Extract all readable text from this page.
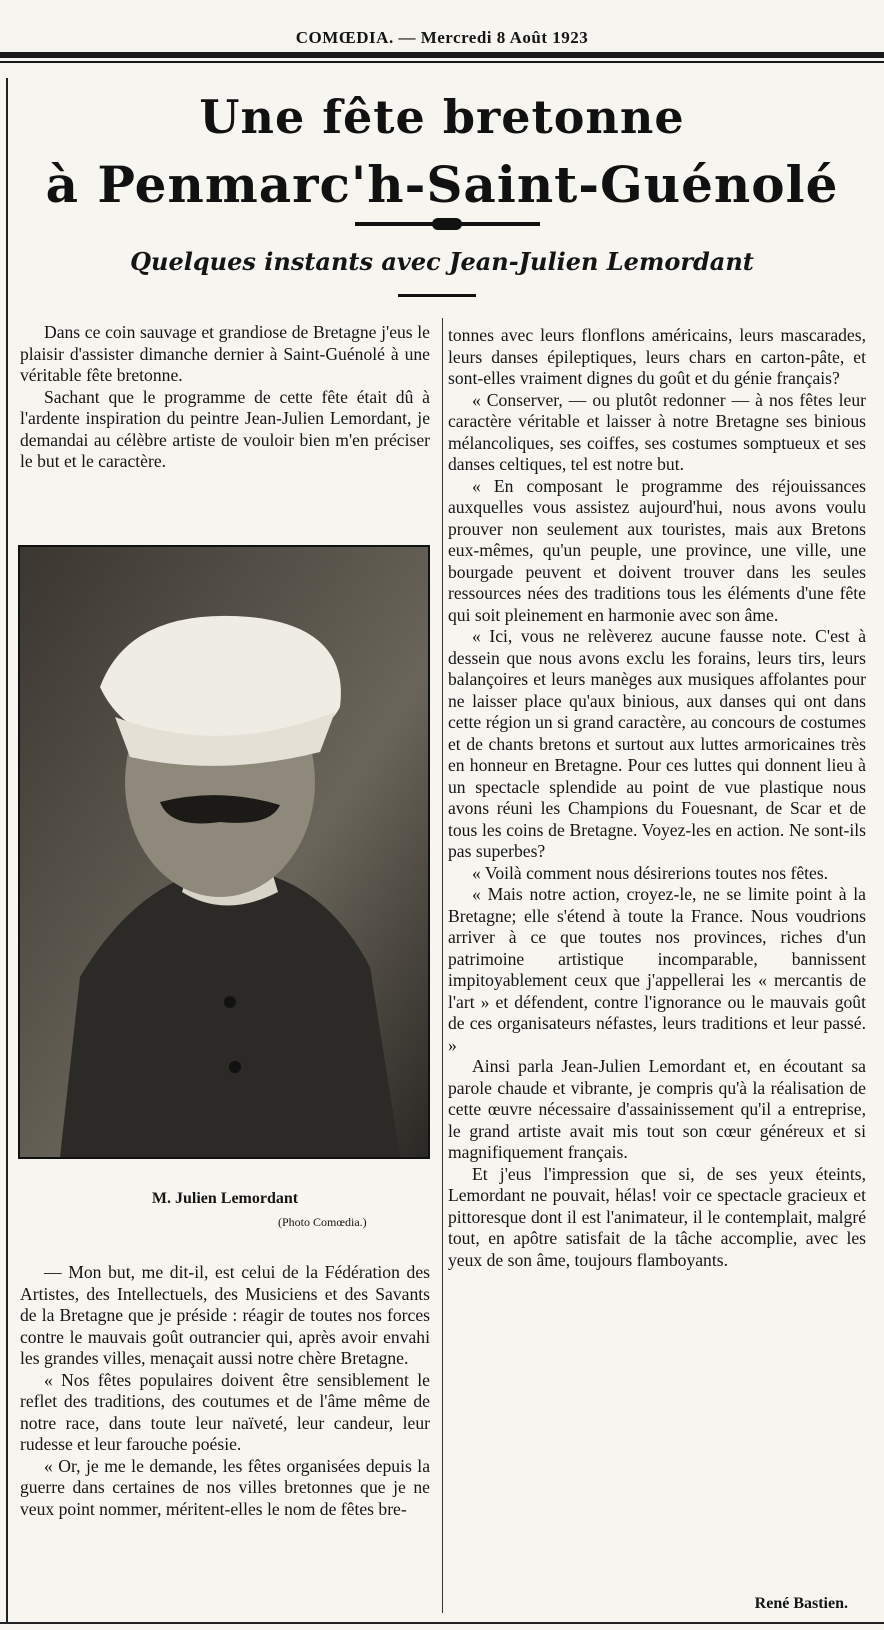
COMŒDIA. — Mercredi 8 Août 1923
Une fête bretonne
à Penmarc'h-Saint-Guénolé
Quelques instants avec Jean-Julien Lemordant

Dans ce coin sauvage et grandiose de Bretagne j'eus le plaisir d'assister dimanche dernier à Saint-Guénolé à une véritable fête bretonne.

Sachant que le programme de cette fête était dû à l'ardente inspiration du peintre Jean-Julien Lemordant, je demandai au célèbre artiste de vouloir bien m'en préciser le but et le caractère.

M. Julien Lemordant
(Photo Comœdia.)

— Mon but, me dit-il, est celui de la Fédération des Artistes, des Intellectuels, des Musiciens et des Savants de la Bretagne que je préside : réagir de toutes nos forces contre le mauvais goût outrancier qui, après avoir envahi les grandes villes, menaçait aussi notre chère Bretagne.

« Nos fêtes populaires doivent être sensiblement le reflet des traditions, des coutumes et de l'âme même de notre race, dans toute leur naïveté, leur candeur, leur rudesse et leur farouche poésie.

« Or, je me le demande, les fêtes organisées depuis la guerre dans certaines de nos villes bretonnes que je ne veux point nommer, méritent-elles le nom de fêtes bre-

tonnes avec leurs flonflons américains, leurs mascarades, leurs danses épileptiques, leurs chars en carton-pâte, et sont-elles vraiment dignes du goût et du génie français?

« Conserver, — ou plutôt redonner — à nos fêtes leur caractère véritable et laisser à notre Bretagne ses binious mélancoliques, ses coiffes, ses costumes somptueux et ses danses celtiques, tel est notre but.

« En composant le programme des réjouissances auxquelles vous assistez aujourd'hui, nous avons voulu prouver non seulement aux touristes, mais aux Bretons eux-mêmes, qu'un peuple, une province, une ville, une bourgade peuvent et doivent trouver dans les seules ressources nées des traditions tous les éléments d'une fête qui soit pleinement en harmonie avec son âme.

« Ici, vous ne relèverez aucune fausse note. C'est à dessein que nous avons exclu les forains, leurs tirs, leurs balançoires et leurs manèges aux musiques affolantes pour ne laisser place qu'aux binious, aux danses qui ont dans cette région un si grand caractère, au concours de costumes et de chants bretons et surtout aux luttes armoricaines très en honneur en Bretagne. Pour ces luttes qui donnent lieu à un spectacle splendide au point de vue plastique nous avons réuni les Champions du Fouesnant, de Scar et de tous les coins de Bretagne. Voyez-les en action. Ne sont-ils pas superbes?

« Voilà comment nous désirerions toutes nos fêtes.

« Mais notre action, croyez-le, ne se limite point à la Bretagne; elle s'étend à toute la France. Nous voudrions arriver à ce que toutes nos provinces, riches d'un patrimoine artistique incomparable, bannissent impitoyablement ceux que j'appellerai les « mercantis de l'art » et défendent, contre l'ignorance ou le mauvais goût de ces organisateurs néfastes, leurs traditions et leur passé. »

Ainsi parla Jean-Julien Lemordant et, en écoutant sa parole chaude et vibrante, je compris qu'à la réalisation de cette œuvre nécessaire d'assainissement qu'il a entreprise, le grand artiste avait mis tout son cœur généreux et si magnifiquement français.

Et j'eus l'impression que si, de ses yeux éteints, Lemordant ne pouvait, hélas! voir ce spectacle gracieux et pittoresque dont il est l'animateur, il le contemplait, malgré tout, en apôtre satisfait de la tâche accomplie, avec les yeux de son âme, toujours flamboyants.

René Bastien.
